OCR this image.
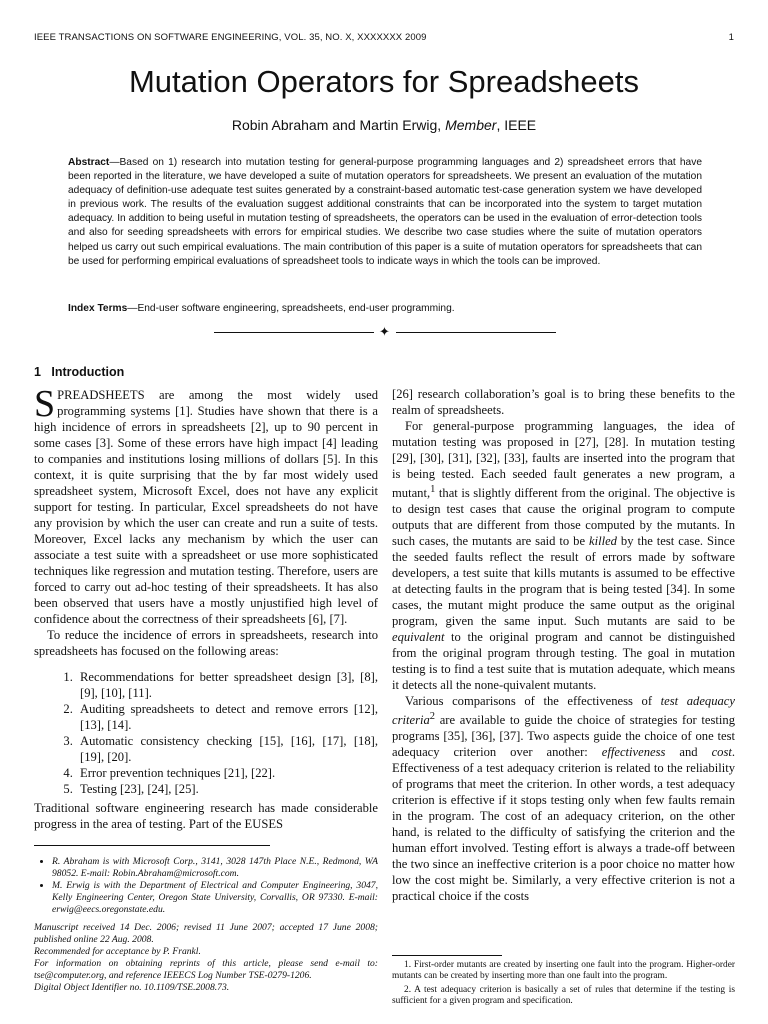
IEEE TRANSACTIONS ON SOFTWARE ENGINEERING, VOL. 35, NO. X, XXXXXXX 2009	1
Mutation Operators for Spreadsheets
Robin Abraham and Martin Erwig, Member, IEEE
Abstract—Based on 1) research into mutation testing for general-purpose programming languages and 2) spreadsheet errors that have been reported in the literature, we have developed a suite of mutation operators for spreadsheets. We present an evaluation of the mutation adequacy of definition-use adequate test suites generated by a constraint-based automatic test-case generation system we have developed in previous work. The results of the evaluation suggest additional constraints that can be incorporated into the system to target mutation adequacy. In addition to being useful in mutation testing of spreadsheets, the operators can be used in the evaluation of error-detection tools and also for seeding spreadsheets with errors for empirical studies. We describe two case studies where the suite of mutation operators helped us carry out such empirical evaluations. The main contribution of this paper is a suite of mutation operators for spreadsheets that can be used for performing empirical evaluations of spreadsheet tools to indicate ways in which the tools can be improved.
Index Terms—End-user software engineering, spreadsheets, end-user programming.
✦
1 Introduction

SPREADSHEETS are among the most widely used programming systems [1]. Studies have shown that there is a high incidence of errors in spreadsheets [2], up to 90 percent in some cases [3]. Some of these errors have high impact [4] leading to companies and institutions losing millions of dollars [5]. In this context, it is quite surprising that the by far most widely used spreadsheet system, Microsoft Excel, does not have any explicit support for testing. In particular, Excel spreadsheets do not have any provision by which the user can create and run a suite of tests. Moreover, Excel lacks any mechanism by which the user can associate a test suite with a spreadsheet or use more sophisticated techniques like regression and mutation testing. Therefore, users are forced to carry out ad-hoc testing of their spreadsheets. It has also been observed that users have a mostly unjustified high level of confidence about the correctness of their spreadsheets [6], [7].

To reduce the incidence of errors in spreadsheets, research into spreadsheets has focused on the following areas:

1. Recommendations for better spreadsheet design [3], [8], [9], [10], [11].
2. Auditing spreadsheets to detect and remove errors [12], [13], [14].
3. Automatic consistency checking [15], [16], [17], [18], [19], [20].
4. Error prevention techniques [21], [22].
5. Testing [23], [24], [25].

Traditional software engineering research has made considerable progress in the area of testing. Part of the EUSES

• R. Abraham is with Microsoft Corp., 3141, 3028 147th Place N.E., Redmond, WA 98052. E-mail: Robin.Abraham@microsoft.com.
• M. Erwig is with the Department of Electrical and Computer Engineering, 3047, Kelly Engineering Center, Oregon State University, Corvallis, OR 97330. E-mail: erwig@eecs.oregonstate.edu.
Manuscript received 14 Dec. 2006; revised 11 June 2007; accepted 17 June 2008; published online 22 Aug. 2008.
Recommended for acceptance by P. Frankl.
For information on obtaining reprints of this article, please send e-mail to: tse@computer.org, and reference IEEECS Log Number TSE-0279-1206.
Digital Object Identifier no. 10.1109/TSE.2008.73.

[26] research collaboration’s goal is to bring these benefits to the realm of spreadsheets.

For general-purpose programming languages, the idea of mutation testing was proposed in [27], [28]. In mutation testing [29], [30], [31], [32], [33], faults are inserted into the program that is being tested. Each seeded fault generates a new program, a mutant,$^1$ that is slightly different from the original. The objective is to design test cases that cause the original program to compute outputs that are different from those computed by the mutants. In such cases, the mutants are said to be killed by the test case. Since the seeded faults reflect the result of errors made by software developers, a test suite that kills mutants is assumed to be effective at detecting faults in the program that is being tested [34]. In some cases, the mutant might produce the same output as the original program, given the same input. Such mutants are said to be equivalent to the original program and cannot be distinguished from the original program through testing. The goal in mutation testing is to find a test suite that is mutation adequate, which means it detects all the none-quivalent mutants.

Various comparisons of the effectiveness of test adequacy criteria$^2$ are available to guide the choice of strategies for testing programs [35], [36], [37]. Two aspects guide the choice of one test adequacy criterion over another: effectiveness and cost. Effectiveness of a test adequacy criterion is related to the reliability of programs that meet the criterion. In other words, a test adequacy criterion is effective if it stops testing only when few faults remain in the program. The cost of an adequacy criterion, on the other hand, is related to the difficulty of satisfying the criterion and the human effort involved. Testing effort is always a trade-off between the two since an ineffective criterion is a poor choice no matter how low the cost might be. Similarly, a very effective criterion is not a practical choice if the costs

1. First-order mutants are created by inserting one fault into the program. Higher-order mutants can be created by inserting more than one fault into the program.

2. A test adequacy criterion is basically a set of rules that determine if the testing is sufficient for a given program and specification.
